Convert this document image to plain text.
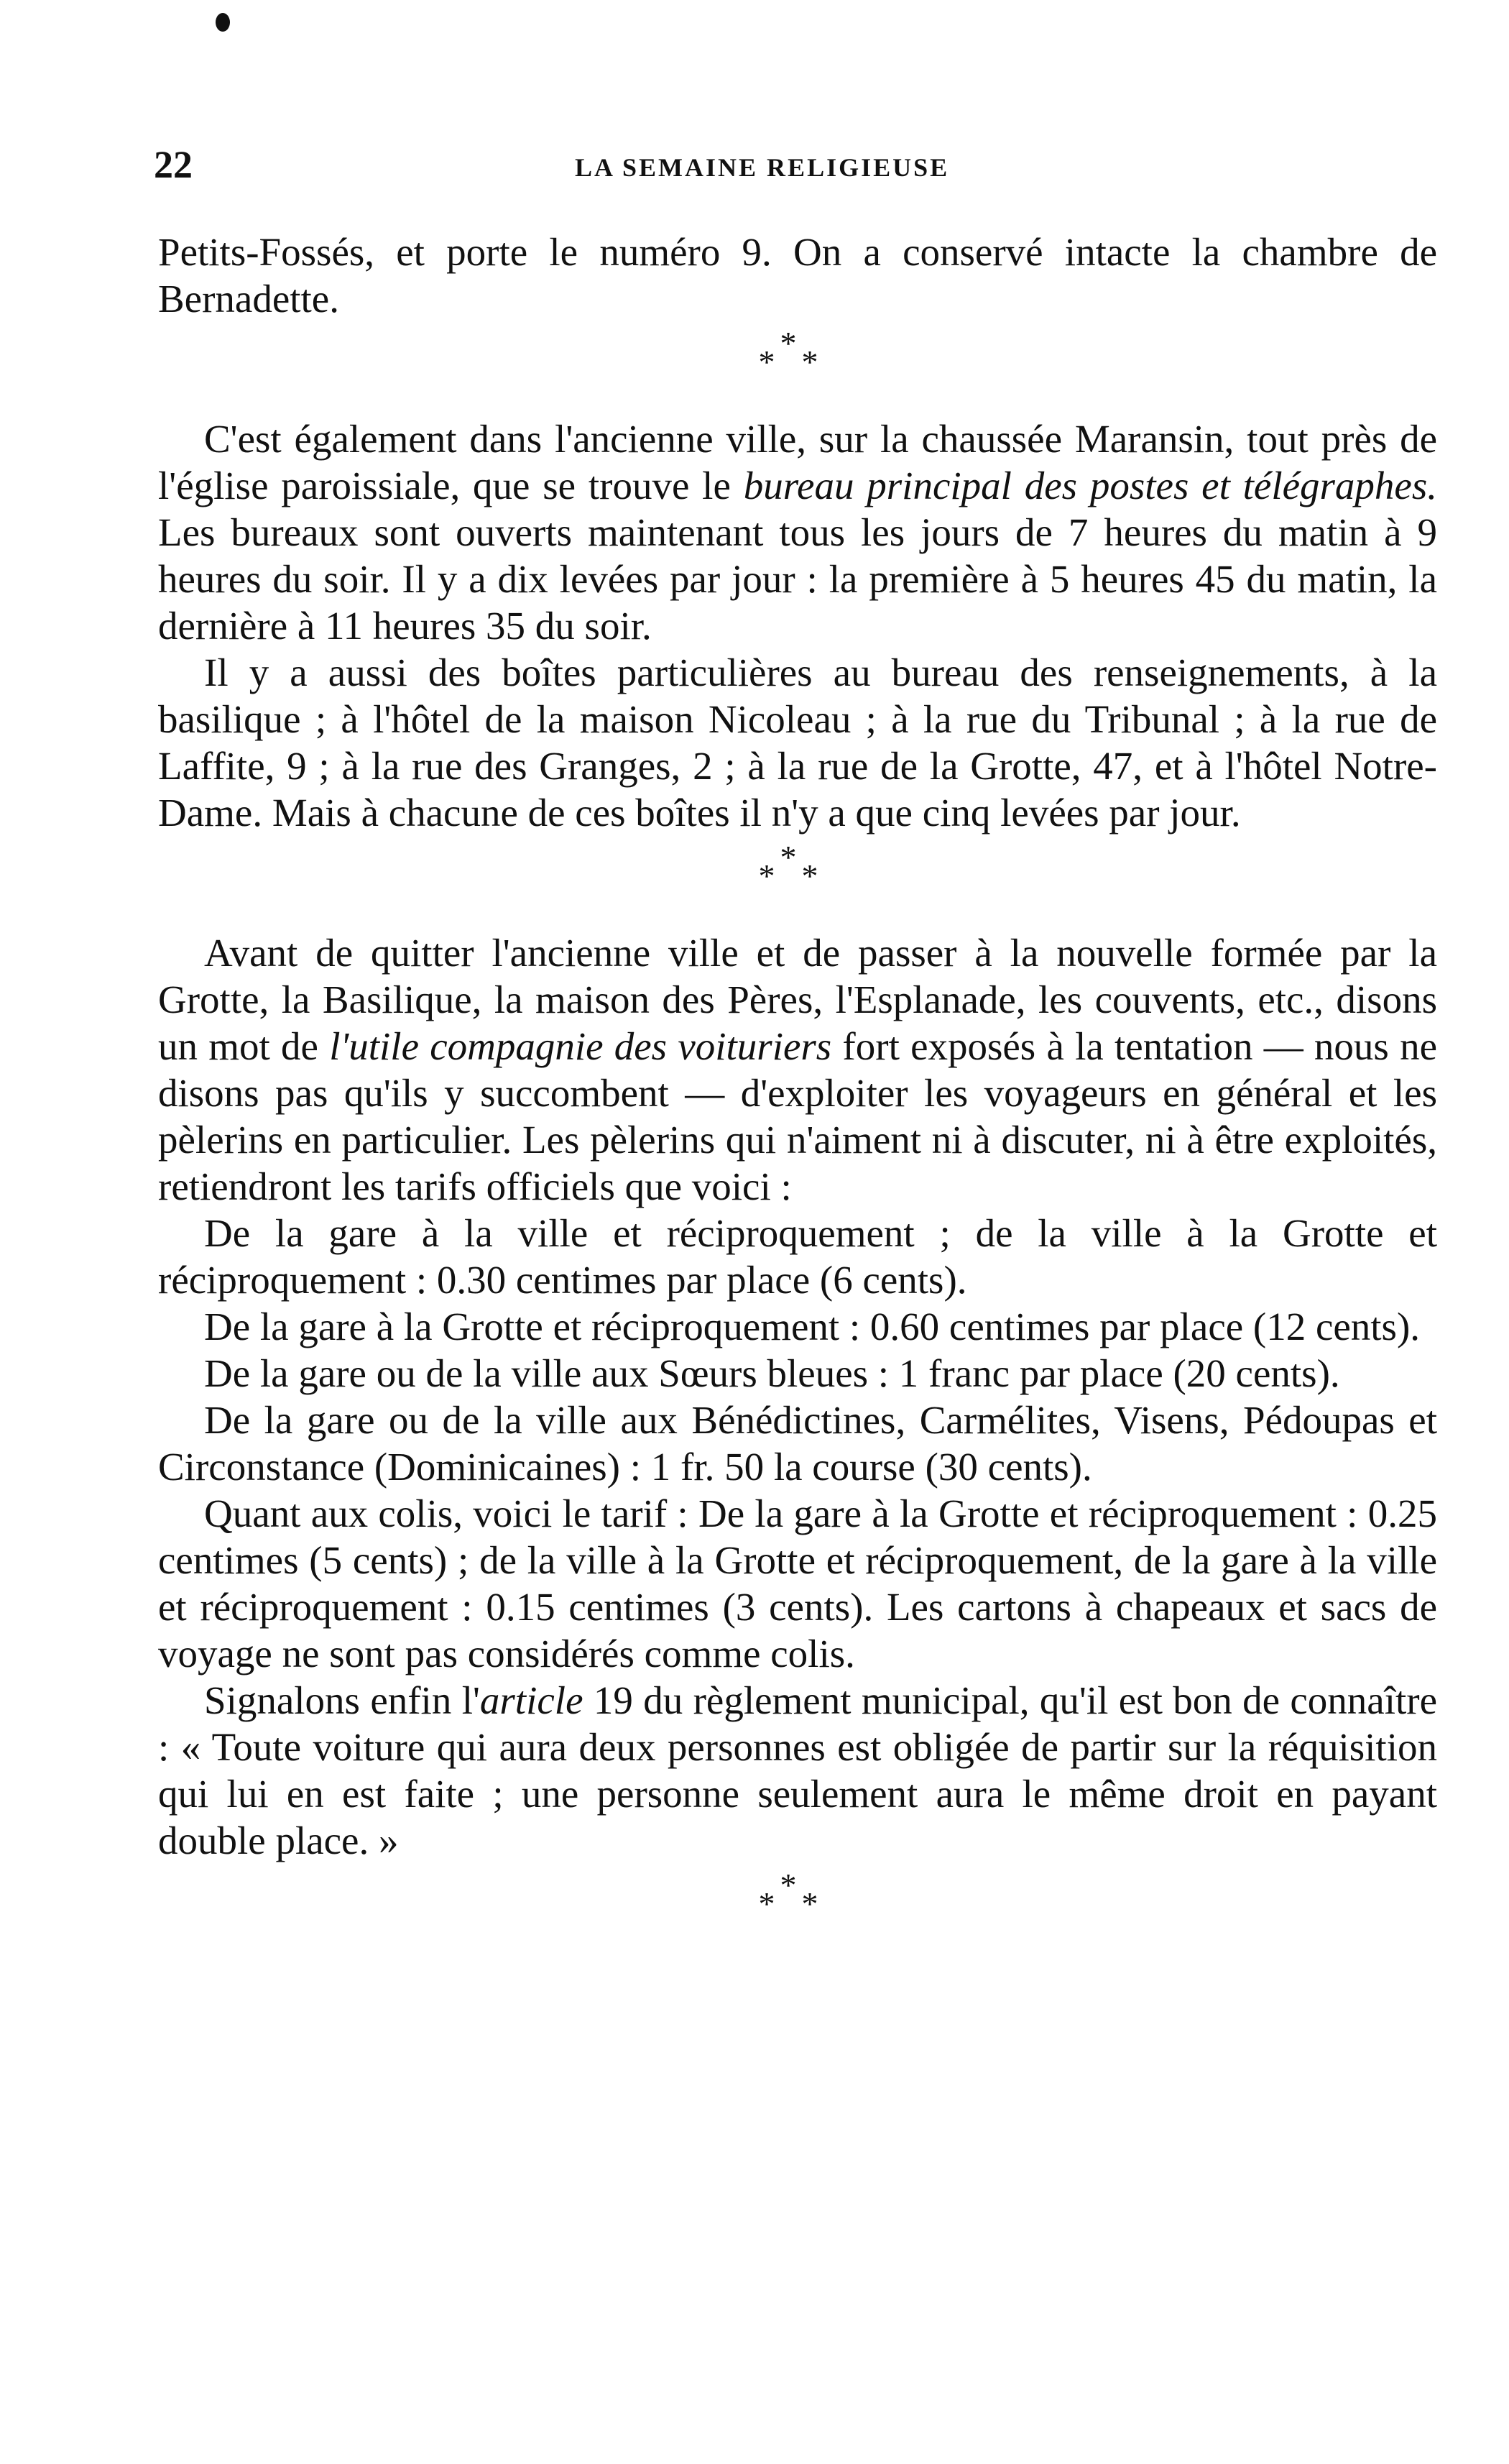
22	LA SEMAINE RELIGIEUSE

Petits-Fossés, et porte le numéro 9. On a conservé intacte la chambre de Bernadette.

*
* *

C'est également dans l'ancienne ville, sur la chaussée Maransin, tout près de l'église paroissiale, que se trouve le bureau principal des postes et télégraphes. Les bureaux sont ouverts maintenant tous les jours de 7 heures du matin à 9 heures du soir. Il y a dix levées par jour : la première à 5 heures 45 du matin, la dernière à 11 heures 35 du soir.

Il y a aussi des boîtes particulières au bureau des renseignements, à la basilique ; à l'hôtel de la maison Nicoleau ; à la rue du Tribunal ; à la rue de Laffite, 9 ; à la rue des Granges, 2 ; à la rue de la Grotte, 47, et à l'hôtel Notre-Dame. Mais à chacune de ces boîtes il n'y a que cinq levées par jour.

*
* *

Avant de quitter l'ancienne ville et de passer à la nouvelle formée par la Grotte, la Basilique, la maison des Pères, l'Esplanade, les couvents, etc., disons un mot de l'utile compagnie des voituriers fort exposés à la tentation — nous ne disons pas qu'ils y succombent — d'exploiter les voyageurs en général et les pèlerins en particulier. Les pèlerins qui n'aiment ni à discuter, ni à être exploités, retiendront les tarifs officiels que voici :

De la gare à la ville et réciproquement ; de la ville à la Grotte et réciproquement : 0.30 centimes par place (6 cents).

De la gare à la Grotte et réciproquement : 0.60 centimes par place (12 cents).

De la gare ou de la ville aux Sœurs bleues : 1 franc par place (20 cents).

De la gare ou de la ville aux Bénédictines, Carmélites, Visens, Pédoupas et Circonstance (Dominicaines) : 1 fr. 50 la course (30 cents).

Quant aux colis, voici le tarif : De la gare à la Grotte et réciproquement : 0.25 centimes (5 cents) ; de la ville à la Grotte et réciproquement, de la gare à la ville et réciproquement : 0.15 centimes (3 cents). Les cartons à chapeaux et sacs de voyage ne sont pas considérés comme colis.

Signalons enfin l'article 19 du règlement municipal, qu'il est bon de connaître : « Toute voiture qui aura deux personnes est obligée de partir sur la réquisition qui lui en est faite ; une personne seulement aura le même droit en payant double place. »

*
* *
